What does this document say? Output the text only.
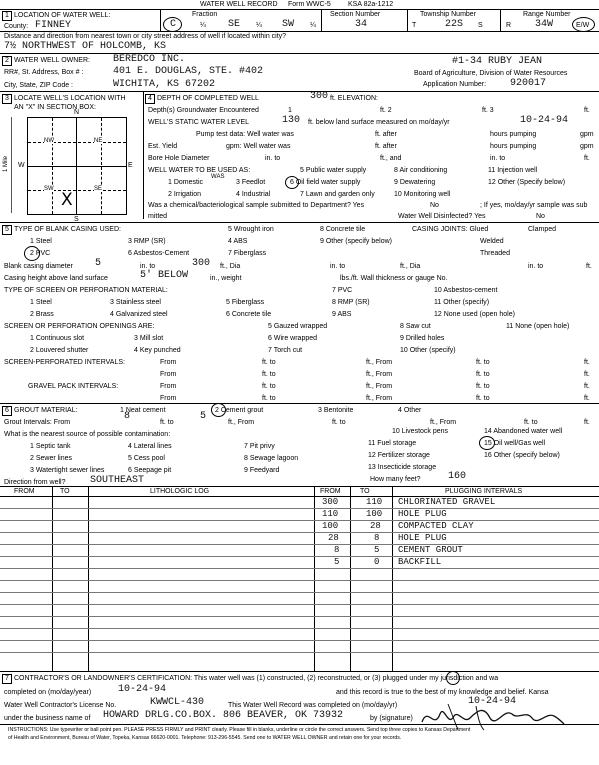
WATER WELL RECORD Form WWC-5 KSA 82a-1212
1 LOCATION OF WATER WELL:
County: FINNEY
Fraction
C	¼ SE ¼ SW ¼
Section Number
34
Township Number
T	22S S
Range Number
R 34W	E/W
Distance and direction from nearest town or city street address of well if located within city?
7½ NORTHWEST OF HOLCOMB, KS
2 WATER WELL OWNER: BEREDCO INC.
RR#, St. Address, Box # :	401 E. DOUGLAS, STE. #402
City, State, ZIP Code :	WICHITA, KS 67202
#1-34 RUBY JEAN
Board of Agriculture, Division of Water Resources
Application Number: 920017
3 LOCATE WELL'S LOCATION WITH
AN "X" IN SECTION BOX:
4
N
S
W	E
NW	NE
SW	SE
X
1 Mile
DEPTH OF COMPLETED WELL	300 ft. ELEVATION:
Depth(s) Groundwater Encountered	1	ft. 2	ft. 3	ft.
WELL'S STATIC WATER LEVEL	130 ft. below land surface measured on mo/day/yr	10-24-94
Pump test data: Well water was	ft. after	hours pumping	gpm
Est. Yield	gpm: Well water was	ft. after	hours pumping	gpm
Bore Hole Diameter	in. to	ft., and	in. to	ft.
WELL WATER TO BE USED AS:
WAS
5 Public water supply	8 Air conditioning	11 Injection well
1 Domestic	3 Feedlot	6 Oil field water supply	9 Dewatering	12 Other (Specify below)
2 Irrigation	4 Industrial	7 Lawn and garden only	10 Monitoring well
Was a chemical/bacteriological sample submitted to Department? Yes	No	; If yes, mo/day/yr sample was sub
mitted	Water Well Disinfected? Yes	No
5 TYPE OF BLANK CASING USED:	5 Wrought iron	8 Concrete tile	CASING JOINTS: Glued	Clamped
1 Steel	3 RMP (SR)	4 ABS	9 Other (specify below)	Welded
2 PVC	6 Asbestos-Cement	7 Fiberglass	Threaded
Blank casing diameter 5	in. to	300 ft., Dia	in. to	ft., Dia	in. to	ft.
Casing height above land surface	5' BELOW	in., weight	lbs./ft. Wall thickness or gauge No.
TYPE OF SCREEN OR PERFORATION MATERIAL:
1 Steel	3 Stainless steel	5 Fiberglass
7 PVC	10 Asbestos-cement
2 Brass	4 Galvanized steel	6 Concrete tile
8 RMP (SR)	11 Other (specify)
9 ABS	12 None used (open hole)
SCREEN OR PERFORATION OPENINGS ARE:	5 Gauzed wrapped	8 Saw cut	11 None (open hole)
1 Continuous slot	3 Mill slot	6 Wire wrapped	9 Drilled holes
2 Louvered shutter	4 Key punched	7 Torch cut	10 Other (specify)
SCREEN-PERFORATED INTERVALS:	From	ft. to	ft., From	ft. to	ft.
From	ft. to	ft., From	ft. to	ft.
GRAVEL PACK INTERVALS:	From	ft. to	ft., From	ft. to	ft.
From	ft. to	ft., From	ft. to	ft.
6 GROUT MATERIAL:	1 Neat cement	2 Cement grout	3 Bentonite	4 Other
Grout Intervals: From
8
ft. to
5
ft., From	ft. to	ft., From	ft. to	ft.
What is the nearest source of possible contamination:	10 Livestock pens	14 Abandoned water well
1 Septic tank	4 Lateral lines	7 Pit privy	11 Fuel storage	15 Oil well/Gas well
2 Sewer lines	5 Cess pool	8 Sewage lagoon	12 Fertilizer storage	16 Other (specify below)
3 Watertight sewer lines	6 Seepage pit	9 Feedyard	13 Insecticide storage
Direction from well? SOUTHEAST	How many feet?	160
FROM	TO	LITHOLOGIC LOG	FROM	TO	PLUGGING INTERVALS
300	110 CHLORINATED GRAVEL
110	100 HOLE PLUG
100	28 COMPACTED CLAY
28	8 HOLE PLUG
8	5 CEMENT GROUT
5	0 BACKFILL
7 CONTRACTOR'S OR LANDOWNER'S CERTIFICATION: This water well was (1) constructed, (2) reconstructed, or (3) plugged under my jurisdiction and wa
completed on (mo/day/year)	10-24-94	and this record is true to the best of my knowledge and belief. Kansa
Water Well Contractor's License No.	KWWCL-430	This Water Well Record was completed on (mo/day/yr)	10-24-94
under the business name of HOWARD DRLG.CO.BOX. 806 BEAVER, OK 73932	by (signature)
INSTRUCTIONS: Use typewriter or ball point pen. PLEASE PRESS FIRMLY and PRINT clearly. Please fill in blanks, underline or circle the correct answers. Send top three copies to Kansas Department
of Health and Environment, Bureau of Water, Topeka, Kansas 66620-0001. Telephone: 913-296-5545. Send one to WATER WELL OWNER and retain one for your records.
